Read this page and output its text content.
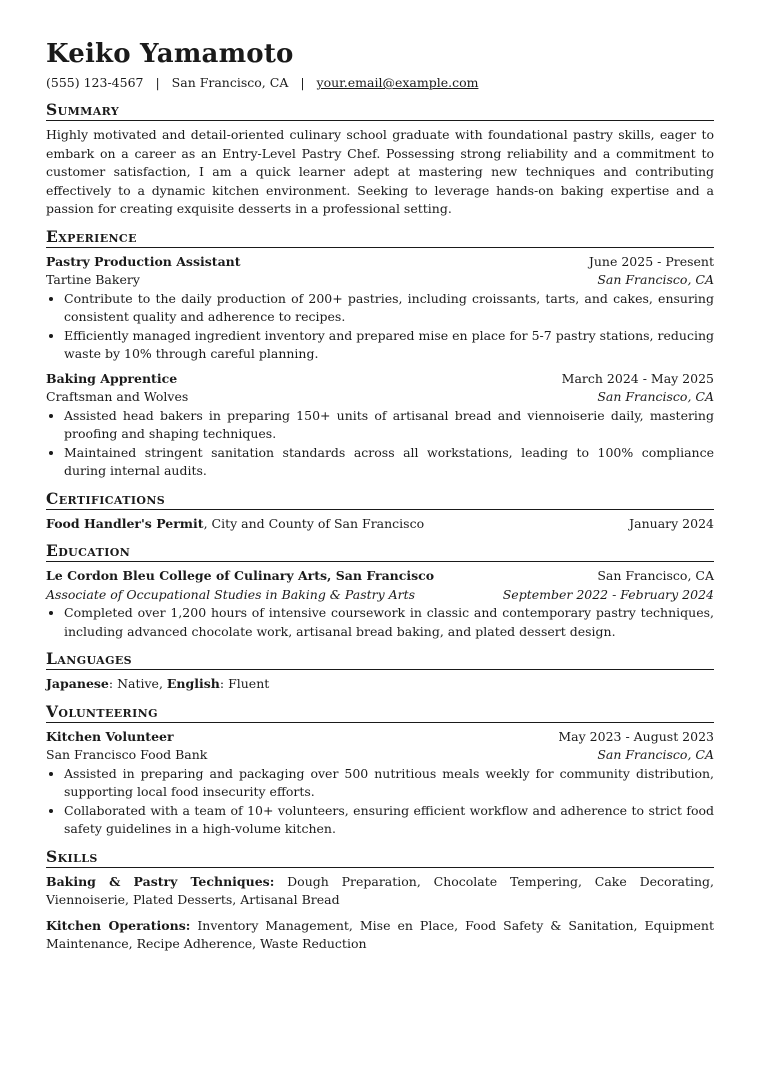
Keiko Yamamoto
(555) 123-4567 | San Francisco, CA | your.email@example.com
Summary

Highly motivated and detail-oriented culinary school graduate with foundational pastry skills, eager to embark on a career as an Entry-Level Pastry Chef. Possessing strong reliability and a commitment to customer satisfaction, I am a quick learner adept at mastering new techniques and contributing effectively to a dynamic kitchen environment. Seeking to leverage hands-on baking expertise and a passion for creating exquisite desserts in a professional setting.

Experience
Pastry Production Assistant	June 2025 - Present
Tartine Bakery	San Francisco, CA
• Contribute to the daily production of 200+ pastries, including croissants, tarts, and cakes, ensuring consistent quality and adherence to recipes.
• Efficiently managed ingredient inventory and prepared mise en place for 5-7 pastry stations, reducing waste by 10% through careful planning.
Baking Apprentice	March 2024 - May 2025
Craftsman and Wolves	San Francisco, CA
• Assisted head bakers in preparing 150+ units of artisanal bread and viennoiserie daily, mastering proofing and shaping techniques.
• Maintained stringent sanitation standards across all workstations, leading to 100% compliance during internal audits.
Certifications
Food Handler's Permit, City and County of San Francisco	January 2024
Education
Le Cordon Bleu College of Culinary Arts, San Francisco	San Francisco, CA
Associate of Occupational Studies in Baking & Pastry Arts	September 2022 - February 2024
• Completed over 1,200 hours of intensive coursework in classic and contemporary pastry techniques, including advanced chocolate work, artisanal bread baking, and plated dessert design.
Languages
Japanese: Native, English: Fluent
Volunteering
Kitchen Volunteer	May 2023 - August 2023
San Francisco Food Bank	San Francisco, CA
• Assisted in preparing and packaging over 500 nutritious meals weekly for community distribution, supporting local food insecurity efforts.
• Collaborated with a team of 10+ volunteers, ensuring efficient workflow and adherence to strict food safety guidelines in a high-volume kitchen.
Skills
Baking & Pastry Techniques: Dough Preparation, Chocolate Tempering, Cake Decorating, Viennoiserie, Plated Desserts, Artisanal Bread
Kitchen Operations: Inventory Management, Mise en Place, Food Safety & Sanitation, Equipment Maintenance, Recipe Adherence, Waste Reduction
